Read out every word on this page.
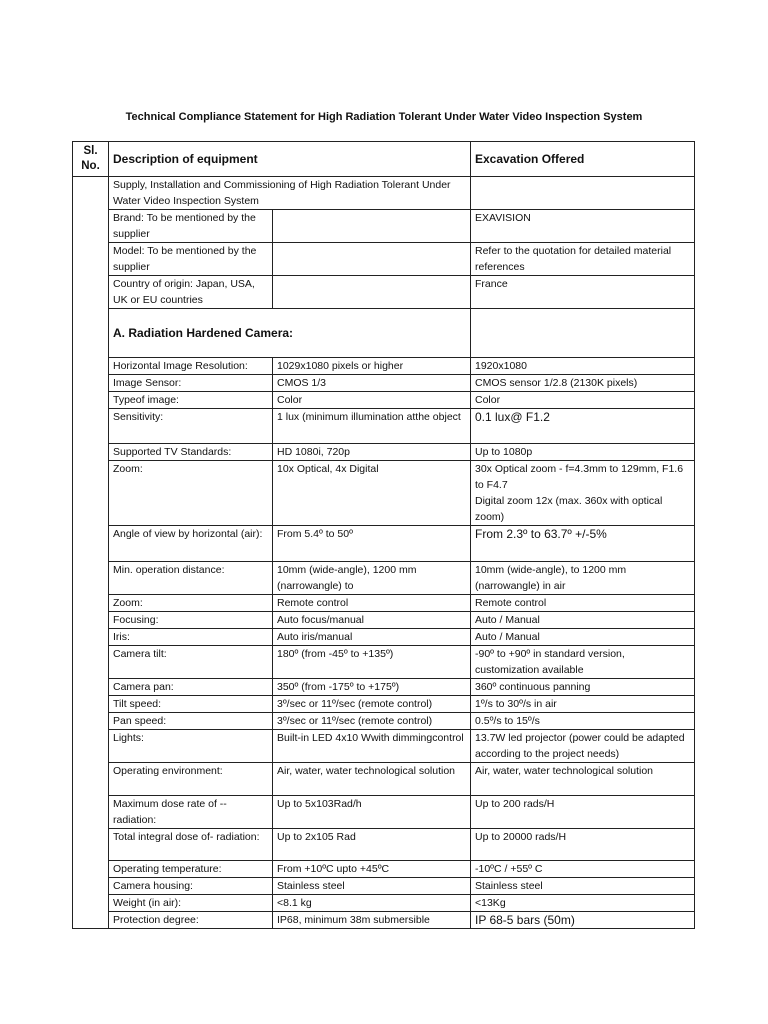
Technical Compliance Statement for High Radiation Tolerant Under Water Video Inspection System
Sl. No.	Description of equipment		Excavation Offered
	Supply, Installation and Commissioning of High Radiation Tolerant Under Water Video Inspection System		
	Brand: To be mentioned by the supplier		EXAVISION
	Model: To be mentioned by the supplier		Refer to the quotation for detailed material references
	Country of origin: Japan, USA, UK or EU countries		France
	A. Radiation Hardened Camera:		
	Horizontal Image Resolution:	1029x1080 pixels or higher	1920x1080
	Image Sensor:	CMOS 1/3	CMOS sensor 1/2.8 (2130K pixels)
	Typeof image:	Color	Color
	Sensitivity:	1 lux (minimum illumination atthe object	0.1 lux@ F1.2
	Supported TV Standards:	HD 1080i, 720p	Up to 1080p
	Zoom:	10x Optical, 4x Digital	30x Optical zoom - f=4.3mm to 129mm, F1.6 to F4.7
Digital zoom 12x (max. 360x with optical zoom)
	Angle of view by horizontal (air):	From 5.4º to 50º	From 2.3º to 63.7º +/-5%
	Min. operation distance:	10mm (wide-angle), 1200 mm (narrowangle) to	10mm (wide-angle), to 1200 mm (narrowangle) in air
	Zoom:	Remote control	Remote control
	Focusing:	Auto focus/manual	Auto / Manual
	Iris:	Auto iris/manual	Auto / Manual
	Camera tilt:	180º (from -45º to +135º)	-90º to +90º in standard version, customization available
	Camera pan:	350º (from -175º to +175º)	360º continuous panning
	Tilt speed:	3º/sec or 11º/sec (remote control)	1º/s to 30º/s in air
	Pan speed:	3º/sec or 11º/sec (remote control)	0.5º/s to 15º/s
	Lights:	Built-in LED 4x10 Wwith dimmingcontrol	13.7W led projector (power could be adapted according to the project needs)
	Operating environment:	Air, water, water technological solution	Air, water, water technological solution
	Maximum dose rate of -- radiation:	Up to 5x103Rad/h	Up to 200 rads/H
	Total integral dose of- radiation:	Up to 2x105 Rad	Up to 20000 rads/H
	Operating temperature:	From +10ºC upto +45ºC	-10ºC / +55º C
	Camera housing:	Stainless steel	Stainless steel
	Weight (in air):	<8.1 kg	<13Kg
	Protection degree:	IP68, minimum 38m submersible	IP 68-5 bars (50m)
